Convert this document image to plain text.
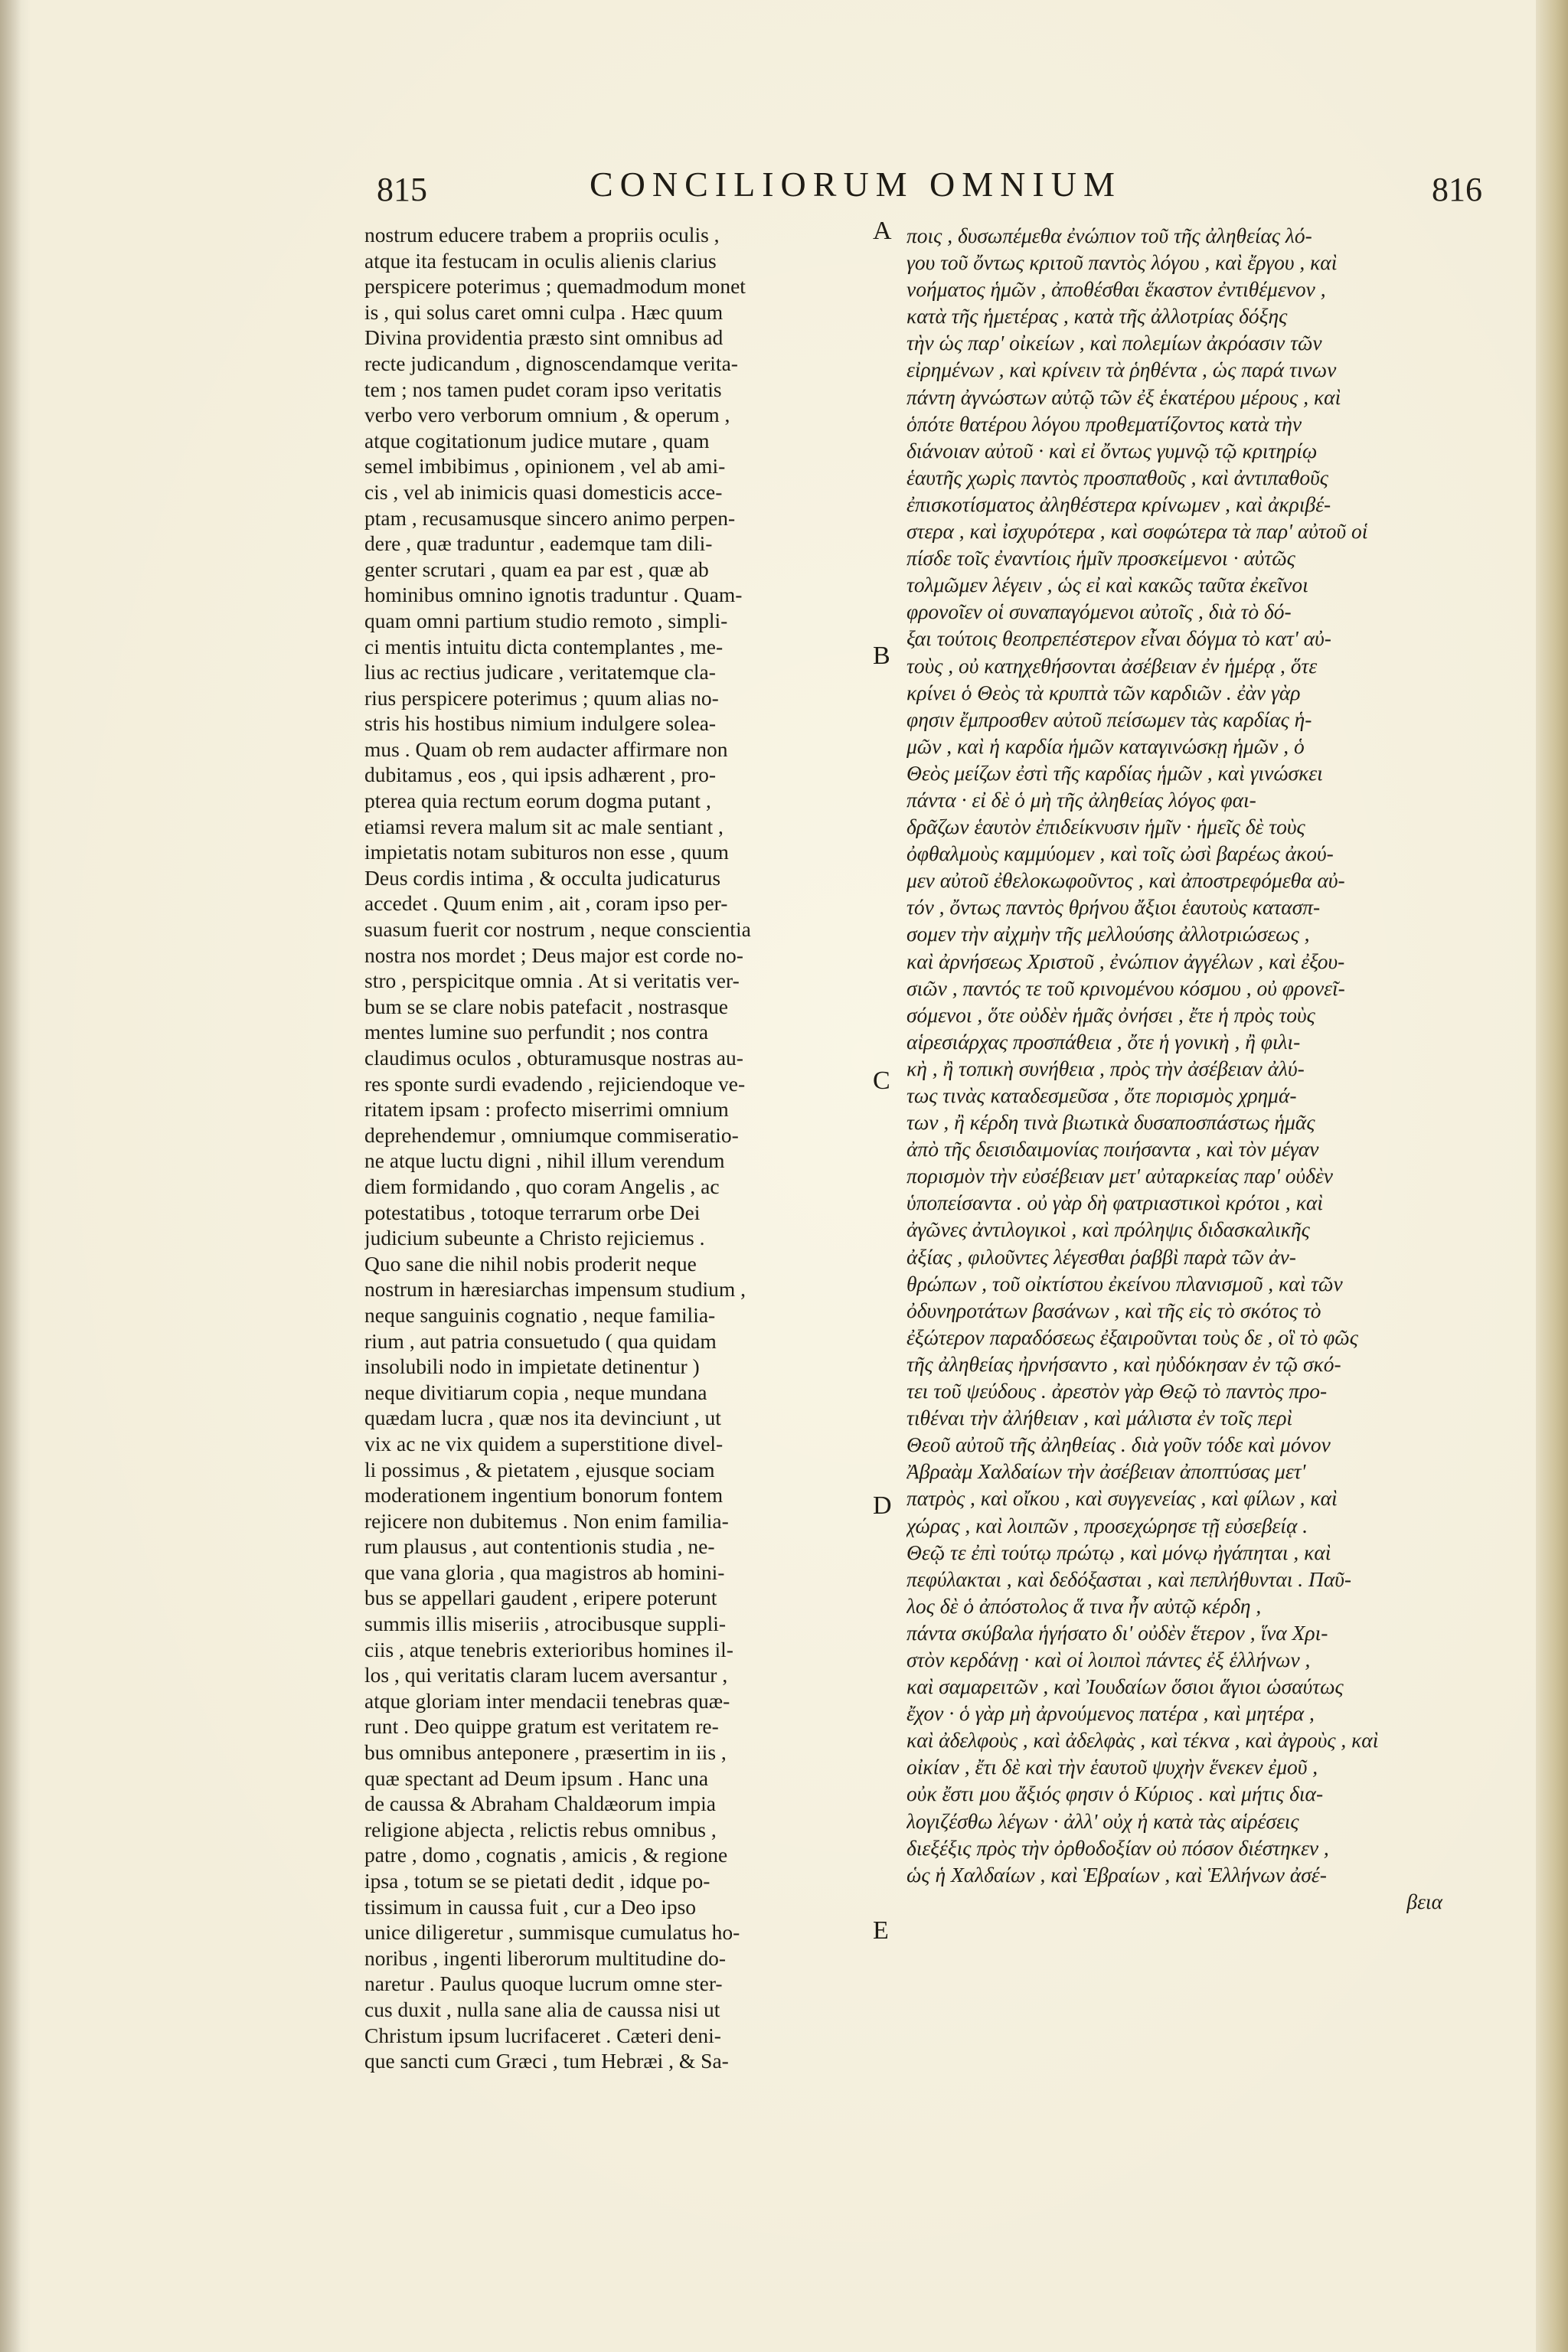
815	CONCILIORUM OMNIUM	816
nostrum educere trabem a propriis oculis ,
atque ita festucam in oculis alienis clarius
perspicere poterimus ; quemadmodum monet
is , qui solus caret omni culpa . Hæc quum
Divina providentia præsto sint omnibus ad
recte judicandum , dignoscendamque verita-
tem ; nos tamen pudet coram ipso veritatis
verbo vero verborum omnium , & operum ,
atque cogitationum judice mutare , quam
semel imbibimus , opinionem , vel ab ami-
cis , vel ab inimicis quasi domesticis acce-
ptam , recusamusque sincero animo perpen-
dere , quæ traduntur , eademque tam dili-
genter scrutari , quam ea par est , quæ ab
hominibus omnino ignotis traduntur . Quam-
quam omni partium studio remoto , simpli-
ci mentis intuitu dicta contemplantes , me-
lius ac rectius judicare , veritatemque cla-
rius perspicere poterimus ; quum alias no-
stris his hostibus nimium indulgere solea-
mus . Quam ob rem audacter affirmare non
dubitamus , eos , qui ipsis adhærent , pro-
pterea quia rectum eorum dogma putant ,
etiamsi revera malum sit ac male sentiant ,
impietatis notam subituros non esse , quum
Deus cordis intima , & occulta judicaturus
accedet . Quum enim , ait , coram ipso per-
suasum fuerit cor nostrum , neque conscientia
nostra nos mordet ; Deus major est corde no-
stro , perspicitque omnia . At si veritatis ver-
bum se se clare nobis patefacit , nostrasque
mentes lumine suo perfundit ; nos contra
claudimus oculos , obturamusque nostras au-
res sponte surdi evadendo , rejiciendoque ve-
ritatem ipsam : profecto miserrimi omnium
deprehendemur , omniumque commiseratio-
ne atque luctu digni , nihil illum verendum
diem formidando , quo coram Angelis , ac
potestatibus , totoque terrarum orbe Dei
judicium subeunte a Christo rejiciemus .
Quo sane die nihil nobis proderit neque
nostrum in hæresiarchas impensum studium ,
neque sanguinis cognatio , neque familia-
rium , aut patria consuetudo ( qua quidam
insolubili nodo in impietate detinentur )
neque divitiarum copia , neque mundana
quædam lucra , quæ nos ita devinciunt , ut
vix ac ne vix quidem a superstitione divel-
li possimus , & pietatem , ejusque sociam
moderationem ingentium bonorum fontem
rejicere non dubitemus . Non enim familia-
rum plausus , aut contentionis studia , ne-
que vana gloria , qua magistros ab homini-
bus se appellari gaudent , eripere poterunt
summis illis miseriis , atrocibusque suppli-
ciis , atque tenebris exterioribus homines il-
los , qui veritatis claram lucem aversantur ,
atque gloriam inter mendacii tenebras quæ-
runt . Deo quippe gratum est veritatem re-
bus omnibus anteponere , præsertim in iis ,
quæ spectant ad Deum ipsum . Hanc una
de caussa & Abraham Chaldæorum impia
religione abjecta , relictis rebus omnibus ,
patre , domo , cognatis , amicis , & regione
ipsa , totum se se pietati dedit , idque po-
tissimum in caussa fuit , cur a Deo ipso
unice diligeretur , summisque cumulatus ho-
noribus , ingenti liberorum multitudine do-
naretur . Paulus quoque lucrum omne ster-
cus duxit , nulla sane alia de caussa nisi ut
Christum ipsum lucrifaceret . Cæteri deni-
que sancti cum Græci , tum Hebræi , & Sa-
ποις , δυσωπέμεθα ἐνώπιον τοῦ τῆς ἀληθείας λό-
γου τοῦ ὄντως κριτοῦ παντὸς λόγου , καὶ ἔργου , καὶ
νοήματος ἡμῶν , ἀποθέσθαι ἕκαστον ἐντιθέμενον ,
κατὰ τῆς ἡμετέρας , κατὰ τῆς ἀλλοτρίας δόξης
τὴν ὡς παρ' οἰκείων , καὶ πολεμίων ἀκρόασιν τῶν
εἰρημένων , καὶ κρίνειν τὰ ῥηθέντα , ὡς παρά τινων
πάντη ἀγνώστων αὐτῷ τῶν ἐξ ἑκατέρου μέρους , καὶ
ὁπότε θατέρου λόγου προθεματίζοντος κατὰ τὴν
διάνοιαν αὐτοῦ · καὶ εἰ ὄντως γυμνῷ τῷ κριτηρίῳ
ἑαυτῆς χωρὶς παντὸς προσπαθοῦς , καὶ ἀντιπαθοῦς
ἐπισκοτίσματος ἀληθέστερα κρίνωμεν , καὶ ἀκριβέ-
στερα , καὶ ἰσχυρότερα , καὶ σοφώτερα τὰ παρ' αὐτοῦ οἱ
πίσδε τοῖς ἐναντίοις ἡμῖν προσκείμενοι · αὐτῶς
τολμῶμεν λέγειν , ὡς εἰ καὶ κακῶς ταῦτα ἐκεῖνοι
φρονοῖεν οἱ συναπαγόμενοι αὐτοῖς , διὰ τὸ δό-
ξαι τούτοις θεοπρεπέστερον εἶναι δόγμα τὸ κατ' αὐ-
τοὺς , οὐ κατηχεθήσονται ἀσέβειαν ἐν ἡμέρᾳ , ὅτε
κρίνει ὁ Θεὸς τὰ κρυπτὰ τῶν καρδιῶν . ἐὰν γὰρ
φησιν ἔμπροσθεν αὐτοῦ πείσωμεν τὰς καρδίας ἡ-
μῶν , καὶ ἡ καρδία ἡμῶν καταγινώσκῃ ἡμῶν , ὁ
Θεὸς μείζων ἐστὶ τῆς καρδίας ἡμῶν , καὶ γινώσκει
πάντα · εἰ δὲ ὁ μὴ τῆς ἀληθείας λόγος φαι-
δρᾶζων ἑαυτὸν ἐπιδείκνυσιν ἡμῖν · ἡμεῖς δὲ τοὺς
ὀφθαλμοὺς καμμύομεν , καὶ τοῖς ὠσὶ βαρέως ἀκού-
μεν αὐτοῦ ἐθελοκωφοῦντος , καὶ ἀποστρεφόμεθα αὐ-
τόν , ὄντως παντὸς θρήνου ἄξιοι ἑαυτοὺς κατασπ-
σομεν τὴν αἰχμὴν τῆς μελλούσης ἀλλοτριώσεως ,
καὶ ἀρνήσεως Χριστοῦ , ἐνώπιον ἀγγέλων , καὶ ἐξου-
σιῶν , παντός τε τοῦ κρινομένου κόσμου , οὐ φρονεῖ-
σόμενοι , ὅτε οὐδὲν ἡμᾶς ὀνήσει , ἔτε ἡ πρὸς τοὺς
αἱρεσιάρχας προσπάθεια , ὄτε ἡ γονικὴ , ἢ φιλι-
κὴ , ἢ τοπικὴ συνήθεια , πρὸς τὴν ἀσέβειαν ἀλύ-
τως τινὰς καταδεσμεῦσα , ὄτε πορισμὸς χρημά-
των , ἢ κέρδη τινὰ βιωτικὰ δυσαποσπάστως ἡμᾶς
ἀπὸ τῆς δεισιδαιμονίας ποιήσαντα , καὶ τὸν μέγαν
πορισμὸν τὴν εὐσέβειαν μετ' αὐταρκείας παρ' οὐδὲν
ὑποπείσαντα . οὐ γὰρ δὴ φατριαστικοὶ κρότοι , καὶ
ἀγῶνες ἀντιλογικοὶ , καὶ πρόληψις διδασκαλικῆς
ἀξίας , φιλοῦντες λέγεσθαι ῥαββὶ παρὰ τῶν ἀν-
θρώπων , τοῦ οἰκτίστου ἐκείνου πλανισμοῦ , καὶ τῶν
ὀδυνηροτάτων βασάνων , καὶ τῆς εἰς τὸ σκότος τὸ
ἐξώτερον παραδόσεως ἐξαιροῦνται τοὺς δε , οἳ τὸ φῶς
τῆς ἀληθείας ἠρνήσαντο , καὶ ηὐδόκησαν ἐν τῷ σκό-
τει τοῦ ψεύδους . ἀρεστὸν γὰρ Θεῷ τὸ παντὸς προ-
τιθέναι τὴν ἀλήθειαν , καὶ μάλιστα ἐν τοῖς περὶ
Θεοῦ αὐτοῦ τῆς ἀληθείας . διὰ γοῦν τόδε καὶ μόνον
Ἀβραὰμ Χαλδαίων τὴν ἀσέβειαν ἀποπτύσας μετ'
πατρὸς , καὶ οἴκου , καὶ συγγενείας , καὶ φίλων , καὶ
χώρας , καὶ λοιπῶν , προσεχώρησε τῇ εὐσεβείᾳ .
Θεῷ τε ἐπὶ τούτῳ πρώτῳ , καὶ μόνῳ ἠγάπηται , καὶ
πεφύλακται , καὶ δεδόξασται , καὶ πεπλήθυνται . Παῦ-
λος δὲ ὁ ἀπόστολος ἅ τινα ἦν αὐτῷ κέρδη ,
πάντα σκύβαλα ἡγήσατο δι' οὐδὲν ἕτερον , ἵνα Χρι-
στὸν κερδάνῃ · καὶ οἱ λοιποὶ πάντες ἐξ ἑλλήνων ,
καὶ σαμαρειτῶν , καὶ Ἰουδαίων ὅσιοι ἅγιοι ὡσαύτως
ἔχον · ὁ γὰρ μὴ ἀρνούμενος πατέρα , καὶ μητέρα ,
καὶ ἀδελφοὺς , καὶ ἀδελφὰς , καὶ τέκνα , καὶ ἀγροὺς , καὶ
οἰκίαν , ἔτι δὲ καὶ τὴν ἑαυτοῦ ψυχὴν ἕνεκεν ἐμοῦ ,
οὐκ ἔστι μου ἄξιός φησιν ὁ Κύριος . καὶ μήτις δια-
λογιζέσθω λέγων · ἀλλ' οὐχ ἡ κατὰ τὰς αἱρέσεις
διεξέξις πρὸς τὴν ὀρθοδοξίαν οὐ πόσον διέστηκεν ,
ὡς ἡ Χαλδαίων , καὶ Ἑβραίων , καὶ Ἑλλήνων ἀσέ-
βεια
A
B
C
D
E
